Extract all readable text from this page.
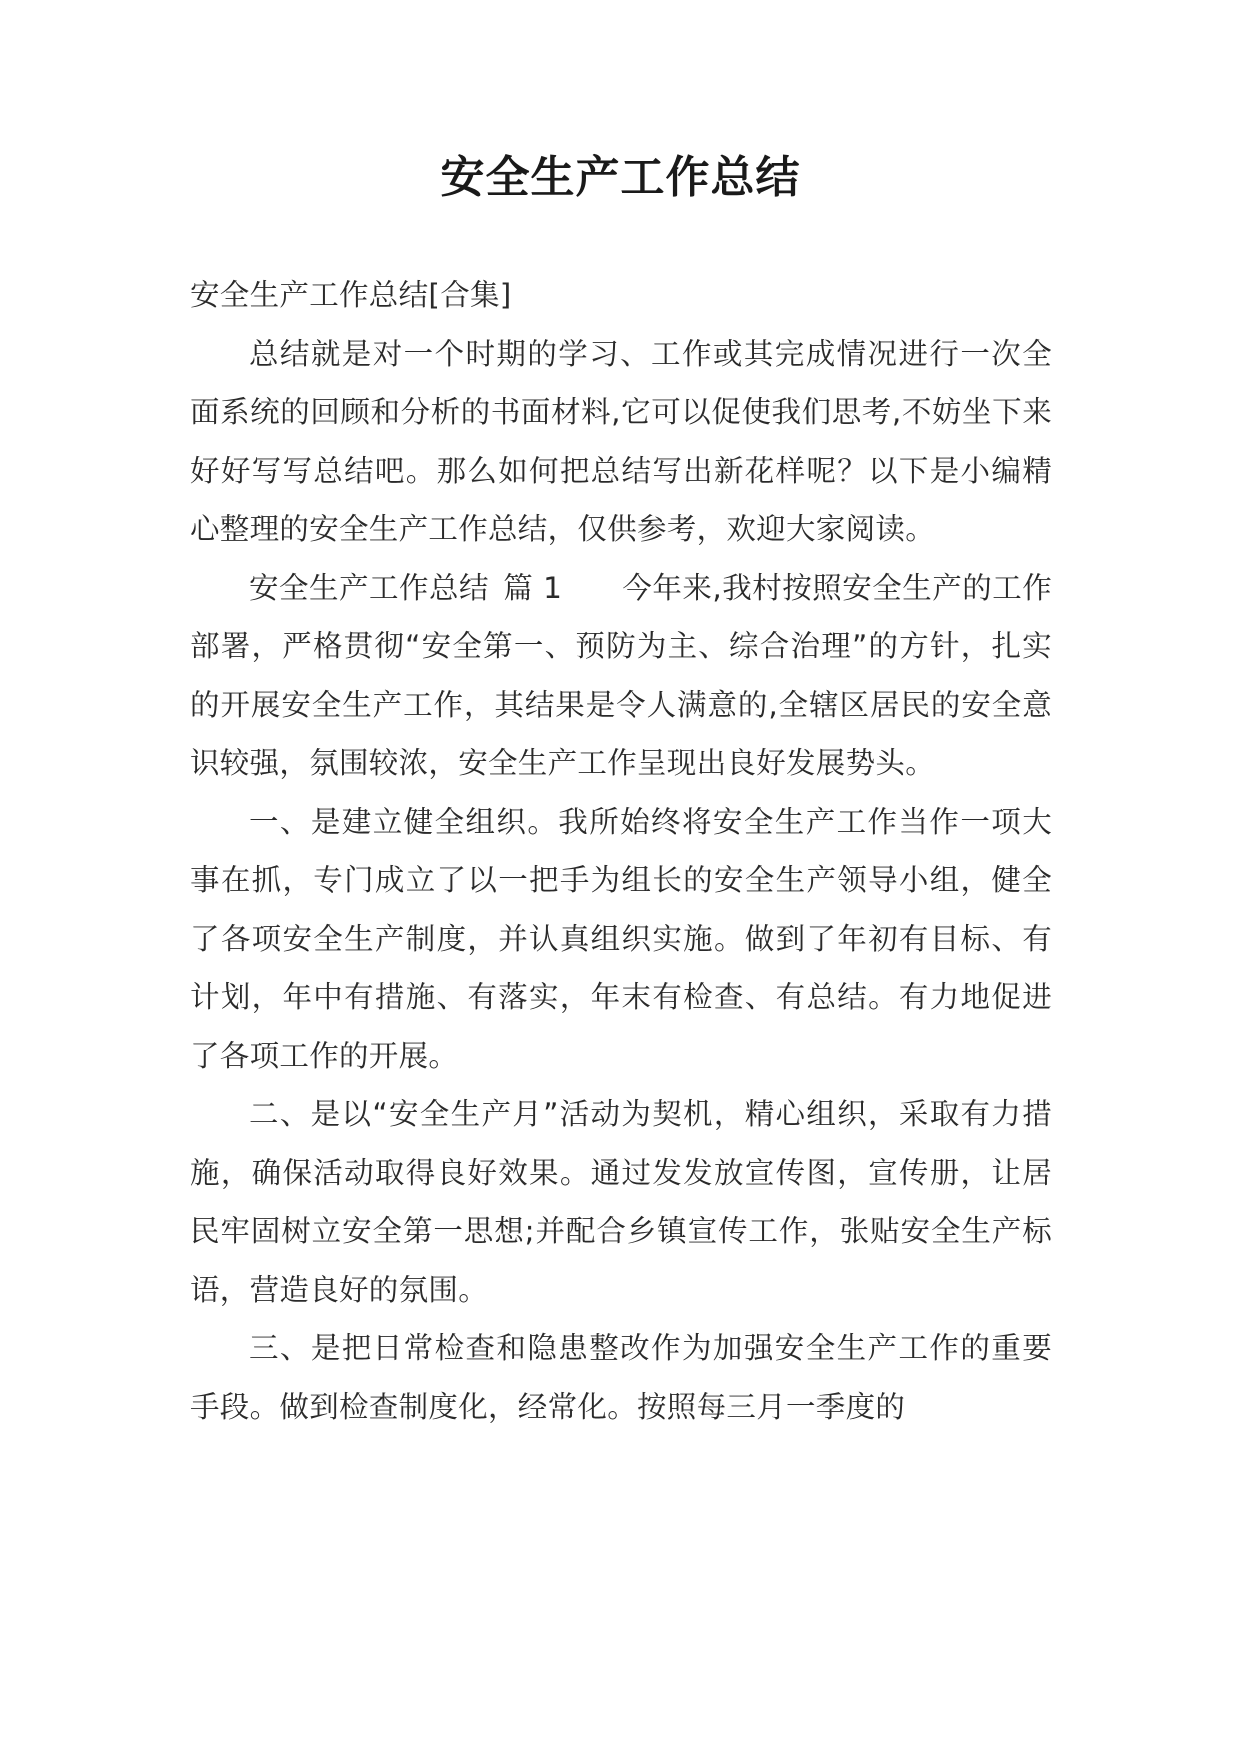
安全生产工作总结

安全生产工作总结[合集]

总结就是对一个时期的学习、工作或其完成情况进行一次全面系统的回顾和分析的书面材料,它可以促使我们思考,不妨坐下来好好写写总结吧。那么如何把总结写出新花样呢？以下是小编精心整理的安全生产工作总结，仅供参考，欢迎大家阅读。

安全生产工作总结 篇 1 今年来,我村按照安全生产的工作部署，严格贯彻“安全第一、预防为主、综合治理”的方针，扎实的开展安全生产工作，其结果是令人满意的,全辖区居民的安全意识较强，氛围较浓，安全生产工作呈现出良好发展势头。

一、是建立健全组织。我所始终将安全生产工作当作一项大事在抓，专门成立了以一把手为组长的安全生产领导小组，健全了各项安全生产制度，并认真组织实施。做到了年初有目标、有计划，年中有措施、有落实，年末有检查、有总结。有力地促进了各项工作的开展。

二、是以“安全生产月”活动为契机，精心组织，采取有力措施，确保活动取得良好效果。通过发发放宣传图，宣传册，让居民牢固树立安全第一思想;并配合乡镇宣传工作，张贴安全生产标语，营造良好的氛围。

三、是把日常检查和隐患整改作为加强安全生产工作的重要手段。做到检查制度化，经常化。按照每三月一季度的
